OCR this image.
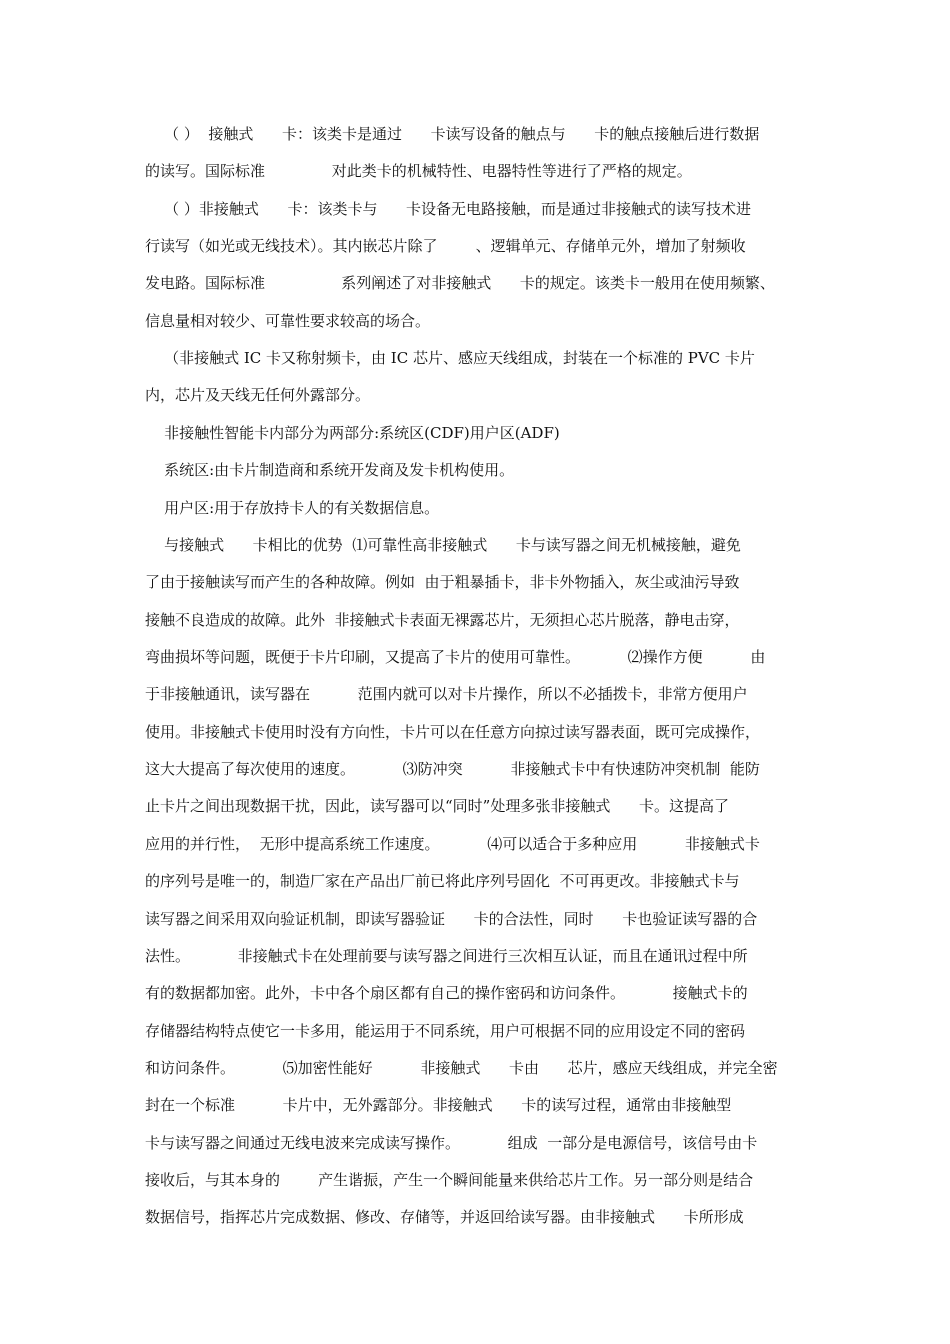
（ ）  接触式      卡：该类卡是通过      卡读写设备的触点与      卡的触点接触后进行数据
的读写。国际标准              对此类卡的机械特性、电器特性等进行了严格的规定。
（ ）非接触式      卡：该类卡与      卡设备无电路接触，而是通过非接触式的读写技术进
行读写（如光或无线技术）。其内嵌芯片除了        、逻辑单元、存储单元外，增加了射频收
发电路。国际标准                系列阐述了对非接触式      卡的规定。该类卡一般用在使用频繁、
信息量相对较少、可靠性要求较高的场合。
（非接触式 IC 卡又称射频卡，由 IC 芯片、感应天线组成，封装在一个标准的 PVC 卡片
内，芯片及天线无任何外露部分。
非接触性智能卡内部分为两部分:系统区(CDF)用户区(ADF)
系统区:由卡片制造商和系统开发商及发卡机构使用。
用户区:用于存放持卡人的有关数据信息。
与接触式      卡相比的优势  ⑴可靠性高非接触式      卡与读写器之间无机械接触，避免
了由于接触读写而产生的各种故障。例如  由于粗暴插卡，非卡外物插入，灰尘或油污导致
接触不良造成的故障。此外  非接触式卡表面无裸露芯片，无须担心芯片脱落，静电击穿，
弯曲损坏等问题，既便于卡片印刷，又提高了卡片的使用可靠性。          ⑵操作方便          由
于非接触通讯，读写器在          范围内就可以对卡片操作，所以不必插拨卡，非常方便用户
使用。非接触式卡使用时没有方向性，卡片可以在任意方向掠过读写器表面，既可完成操作，
这大大提高了每次使用的速度。          ⑶防冲突          非接触式卡中有快速防冲突机制  能防
止卡片之间出现数据干扰，因此，读写器可以“同时”处理多张非接触式      卡。这提高了
应用的并行性，  无形中提高系统工作速度。          ⑷可以适合于多种应用          非接触式卡
的序列号是唯一的，制造厂家在产品出厂前已将此序列号固化  不可再更改。非接触式卡与
读写器之间采用双向验证机制，即读写器验证      卡的合法性，同时      卡也验证读写器的合
法性。          非接触式卡在处理前要与读写器之间进行三次相互认证，而且在通讯过程中所
有的数据都加密。此外，卡中各个扇区都有自己的操作密码和访问条件。          接触式卡的
存储器结构特点使它一卡多用，能运用于不同系统，用户可根据不同的应用设定不同的密码
和访问条件。          ⑸加密性能好          非接触式      卡由      芯片，感应天线组成，并完全密
封在一个标准          卡片中，无外露部分。非接触式      卡的读写过程，通常由非接触型
卡与读写器之间通过无线电波来完成读写操作。          组成  一部分是电源信号，该信号由卡
接收后，与其本身的        产生谐振，产生一个瞬间能量来供给芯片工作。另一部分则是结合
数据信号，指挥芯片完成数据、修改、存储等，并返回给读写器。由非接触式      卡所形成
